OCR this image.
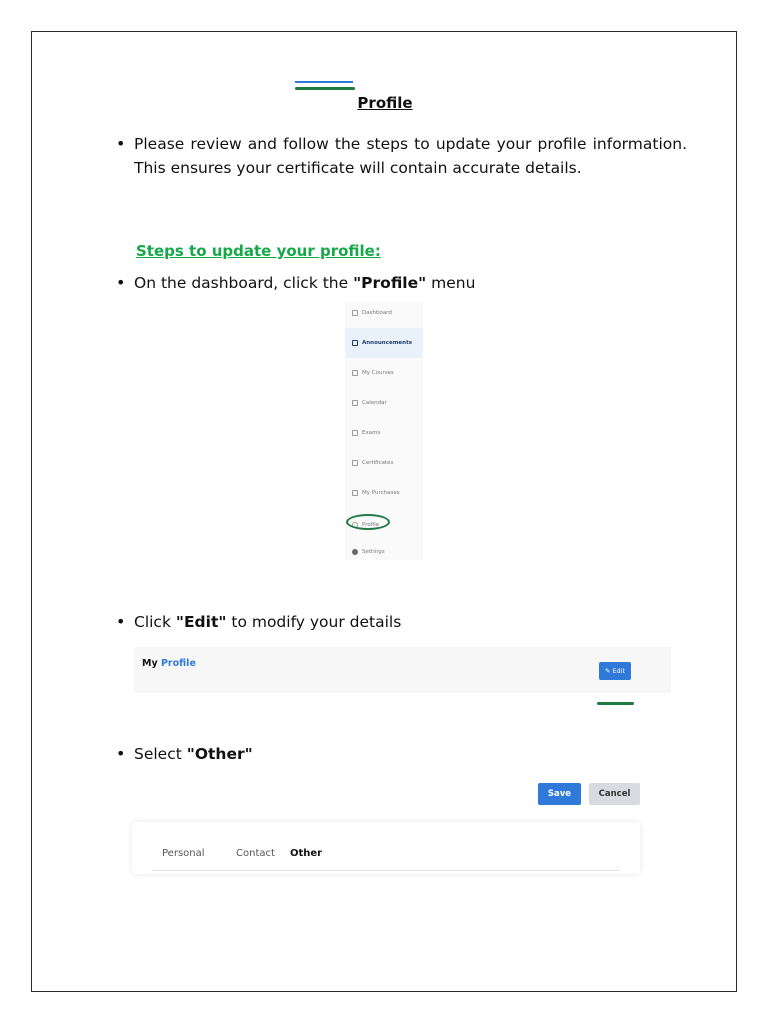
Profile
• Please review and follow the steps to update your profile information. This ensures your certificate will contain accurate details.
Steps to update your profile:
• On the dashboard, click the "Profile" menu
Dashboard
Announcements
My Courses
Calendar
Exams
Certificates
My Purchases
Profile
Settings
• Click "Edit" to modify your details
My Profile
✎ Edit
• Select "Other"
Save	Cancel
Personal	Contact Other
